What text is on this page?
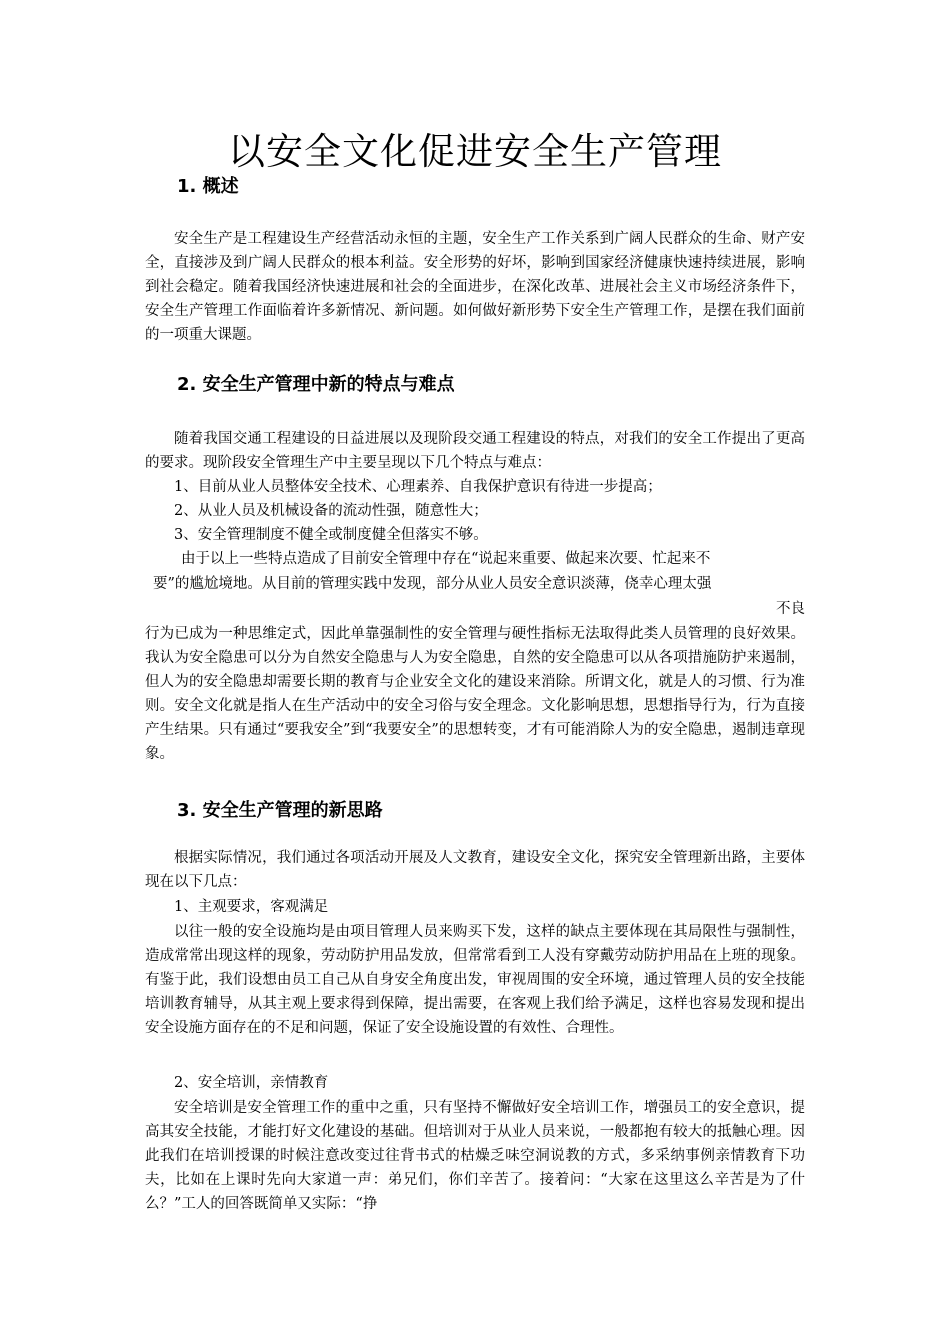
以安全文化促进安全生产管理
1. 概述

安全生产是工程建设生产经营活动永恒的主题，安全生产工作关系到广阔人民群众的生命、财产安全，直接涉及到广阔人民群众的根本利益。安全形势的好坏，影响到国家经济健康快速持续进展，影响到社会稳定。随着我国经济快速进展和社会的全面进步，在深化改革、进展社会主义市场经济条件下，安全生产管理工作面临着许多新情况、新问题。如何做好新形势下安全生产管理工作，是摆在我们面前的一项重大课题。

2. 安全生产管理中新的特点与难点

随着我国交通工程建设的日益进展以及现阶段交通工程建设的特点，对我们的安全工作提出了更高的要求。现阶段安全管理生产中主要呈现以下几个特点与难点：

1、目前从业人员整体安全技术、心理素养、自我保护意识有待进一步提高；

2、从业人员及机械设备的流动性强，随意性大；

3、安全管理制度不健全或制度健全但落实不够。

由于以上一些特点造成了目前安全管理中存在“说起来重要、做起来次要、忙起来不

要”的尴尬境地。从目前的管理实践中发现，部分从业人员安全意识淡薄，侥幸心理太强

不良

行为已成为一种思维定式，因此单靠强制性的安全管理与硬性指标无法取得此类人员管理的良好效果。我认为安全隐患可以分为自然安全隐患与人为安全隐患，自然的安全隐患可以从各项措施防护来遏制，但人为的安全隐患却需要长期的教育与企业安全文化的建设来消除。所谓文化，就是人的习惯、行为准则。安全文化就是指人在生产活动中的安全习俗与安全理念。文化影响思想，思想指导行为，行为直接产生结果。只有通过“要我安全”到“我要安全”的思想转变，才有可能消除人为的安全隐患，遏制违章现象。

3. 安全生产管理的新思路

根据实际情况，我们通过各项活动开展及人文教育，建设安全文化，探究安全管理新出路，主要体现在以下几点：

1、主观要求，客观满足

以往一般的安全设施均是由项目管理人员来购买下发，这样的缺点主要体现在其局限性与强制性，造成常常出现这样的现象，劳动防护用品发放，但常常看到工人没有穿戴劳动防护用品在上班的现象。有鉴于此，我们设想由员工自己从自身安全角度出发，审视周围的安全环境，通过管理人员的安全技能培训教育辅导，从其主观上要求得到保障，提出需要，在客观上我们给予满足，这样也容易发现和提出安全设施方面存在的不足和问题，保证了安全设施设置的有效性、合理性。

2、安全培训，亲情教育

安全培训是安全管理工作的重中之重，只有坚持不懈做好安全培训工作，增强员工的安全意识，提高其安全技能，才能打好文化建设的基础。但培训对于从业人员来说，一般都抱有较大的抵触心理。因此我们在培训授课的时候注意改变过往背书式的枯燥乏味空洞说教的方式，多采纳事例亲情教育下功夫，比如在上课时先向大家道一声：弟兄们，你们辛苦了。接着问：“大家在这里这么辛苦是为了什么？”工人的回答既简单又实际：“挣
